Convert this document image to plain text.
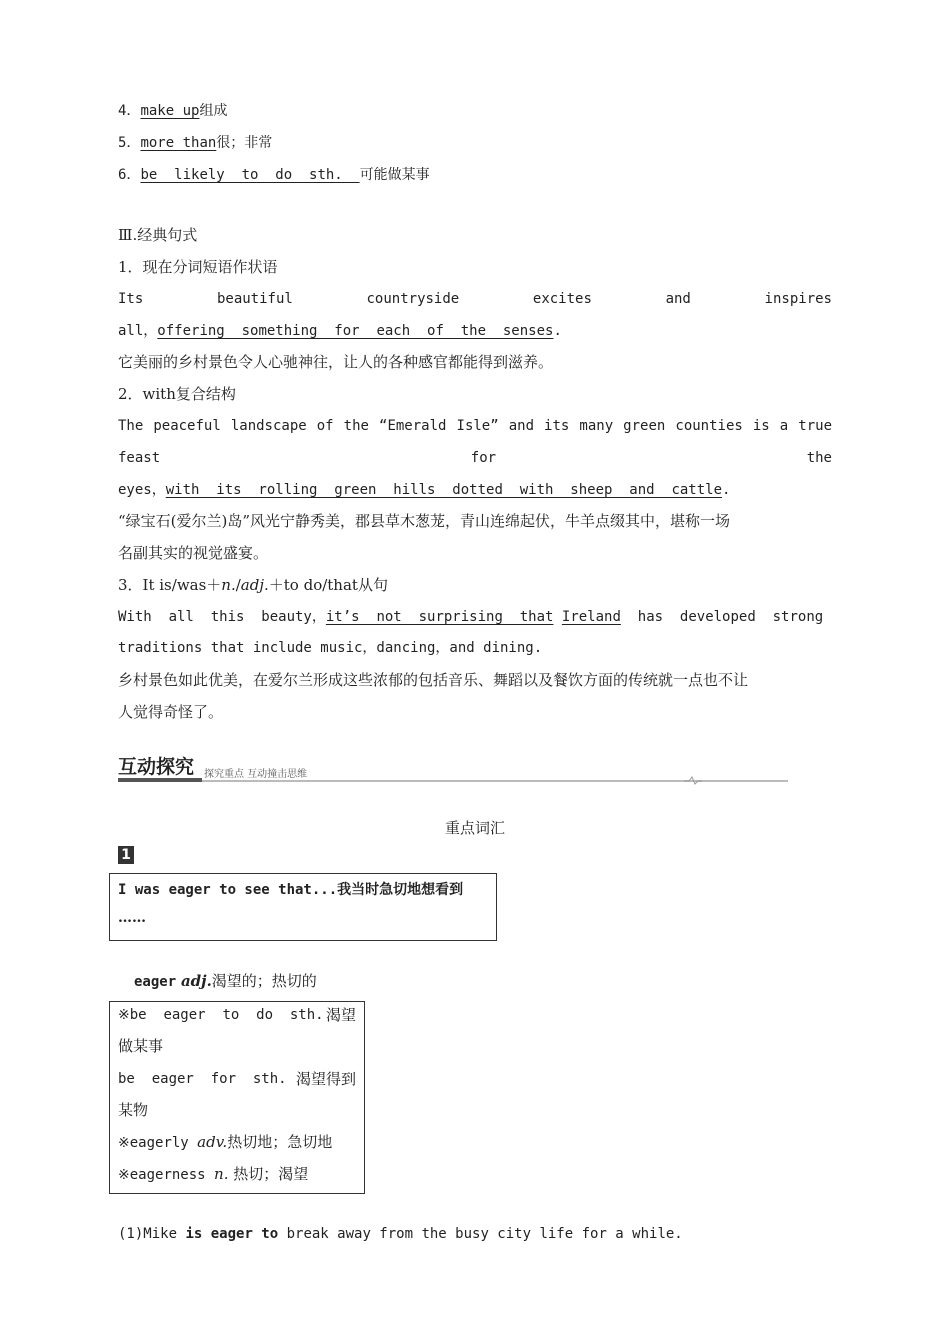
4．make up组成
5．more than很；非常
6．be  likely  to  do  sth.  可能做某事
Ⅲ.经典句式
1．现在分词短语作状语
Its	beautiful	countryside	excites	and	inspires
all，offering  something  for  each  of  the  senses.
它美丽的乡村景色令人心驰神往，让人的各种感官都能得到滋养。
2．with复合结构
The peaceful landscape of the “Emerald Isle” and its many green counties is a true
feast	for	the
eyes，with  its  rolling  green  hills  dotted  with  sheep  and  cattle.
“绿宝石(爱尔兰)岛”风光宁静秀美，郡县草木葱茏，青山连绵起伏，牛羊点缀其中，堪称一场
名副其实的视觉盛宴。
3．It is/was＋n./adj.＋to do/that从句
With  all  this  beauty，it’s  not  surprising  that Ireland  has  developed  strong
traditions that include music，dancing，and dining.
乡村景色如此优美，在爱尔兰形成这些浓郁的包括音乐、舞蹈以及餐饮方面的传统就一点也不让
人觉得奇怪了。
互动探究 探究重点 互动撞击思维
重点词汇
1
I was eager to see that...我当时急切地想看到
……
eager adj.渴望的；热切的
※be  eager  to  do  sth. 渴望
做某事
be  eager  for  sth. 渴望得到
某物
※eagerly adv.热切地；急切地
※eagerness n. 热切；渴望
(1)Mike is eager to break away from the busy city life for a while.
